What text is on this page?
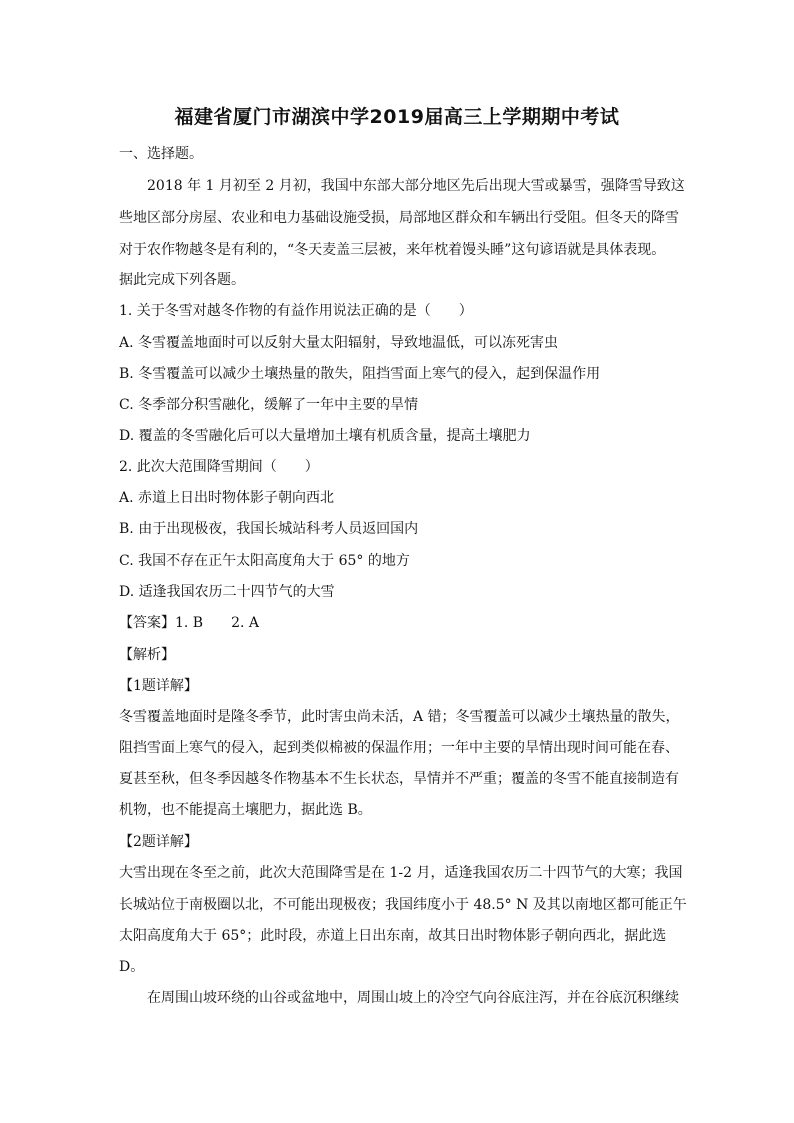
福建省厦门市湖滨中学2019届高三上学期期中考试
一、选择题。
2018 年 1 月初至 2 月初，我国中东部大部分地区先后出现大雪或暴雪，强降雪导致这
些地区部分房屋、农业和电力基础设施受损，局部地区群众和车辆出行受阻。但冬天的降雪
对于农作物越冬是有利的，“冬天麦盖三层被，来年枕着馒头睡”这句谚语就是具体表现。
据此完成下列各题。
1. 关于冬雪对越冬作物的有益作用说法正确的是（　　）
A. 冬雪覆盖地面时可以反射大量太阳辐射，导致地温低，可以冻死害虫
B. 冬雪覆盖可以减少土壤热量的散失，阻挡雪面上寒气的侵入，起到保温作用
C. 冬季部分积雪融化，缓解了一年中主要的旱情
D. 覆盖的冬雪融化后可以大量增加土壤有机质含量，提高土壤肥力
2. 此次大范围降雪期间（　　）
A. 赤道上日出时物体影子朝向西北
B. 由于出现极夜，我国长城站科考人员返回国内
C. 我国不存在正午太阳高度角大于 65° 的地方
D. 适逢我国农历二十四节气的大雪
【答案】1. B　　2. A
【解析】
【1题详解】
冬雪覆盖地面时是隆冬季节，此时害虫尚未活，A 错；冬雪覆盖可以减少土壤热量的散失，
阻挡雪面上寒气的侵入，起到类似棉被的保温作用；一年中主要的旱情出现时间可能在春、
夏甚至秋，但冬季因越冬作物基本不生长状态，旱情并不严重；覆盖的冬雪不能直接制造有
机物，也不能提高土壤肥力，据此选 B。
【2题详解】
大雪出现在冬至之前，此次大范围降雪是在 1-2 月，适逢我国农历二十四节气的大寒；我国
长城站位于南极圈以北，不可能出现极夜；我国纬度小于 48.5° N 及其以南地区都可能正午
太阳高度角大于 65°；此时段，赤道上日出东南，故其日出时物体影子朝向西北，据此选
D。
在周围山坡环绕的山谷或盆地中，周围山坡上的冷空气向谷底注泻，并在谷底沉积继续
